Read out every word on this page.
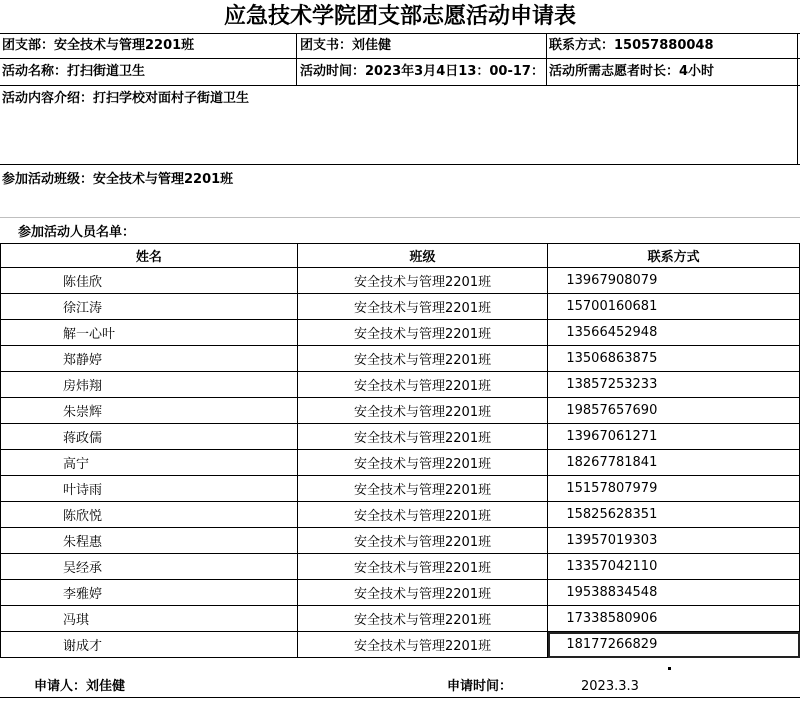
应急技术学院团支部志愿活动申请表
团支部：安全技术与管理2201班	团支书：刘佳健	联系方式：15057880048
活动名称：打扫街道卫生	活动时间：2023年3月4日13：00-17： 活动所需志愿者时长：4小时
活动内容介绍：打扫学校对面村子街道卫生
参加活动班级：安全技术与管理2201班
参加活动人员名单：
姓名	班级	联系方式
陈佳欣	安全技术与管理2201班	13967908079
徐江涛	安全技术与管理2201班	15700160681
解一心叶	安全技术与管理2201班	13566452948
郑静婷	安全技术与管理2201班	13506863875
房炜翔	安全技术与管理2201班	13857253233
朱崇辉	安全技术与管理2201班	19857657690
蒋政儒	安全技术与管理2201班	13967061271
高宁	安全技术与管理2201班	18267781841
叶诗雨	安全技术与管理2201班	15157807979
陈欣悦	安全技术与管理2201班	15825628351
朱程惠	安全技术与管理2201班	13957019303
吴经承	安全技术与管理2201班	13357042110
李雅婷	安全技术与管理2201班	19538834548
冯琪	安全技术与管理2201班	17338580906
谢成才	安全技术与管理2201班	18177266829
申请人：刘佳健	申请时间：	2023.3.3
